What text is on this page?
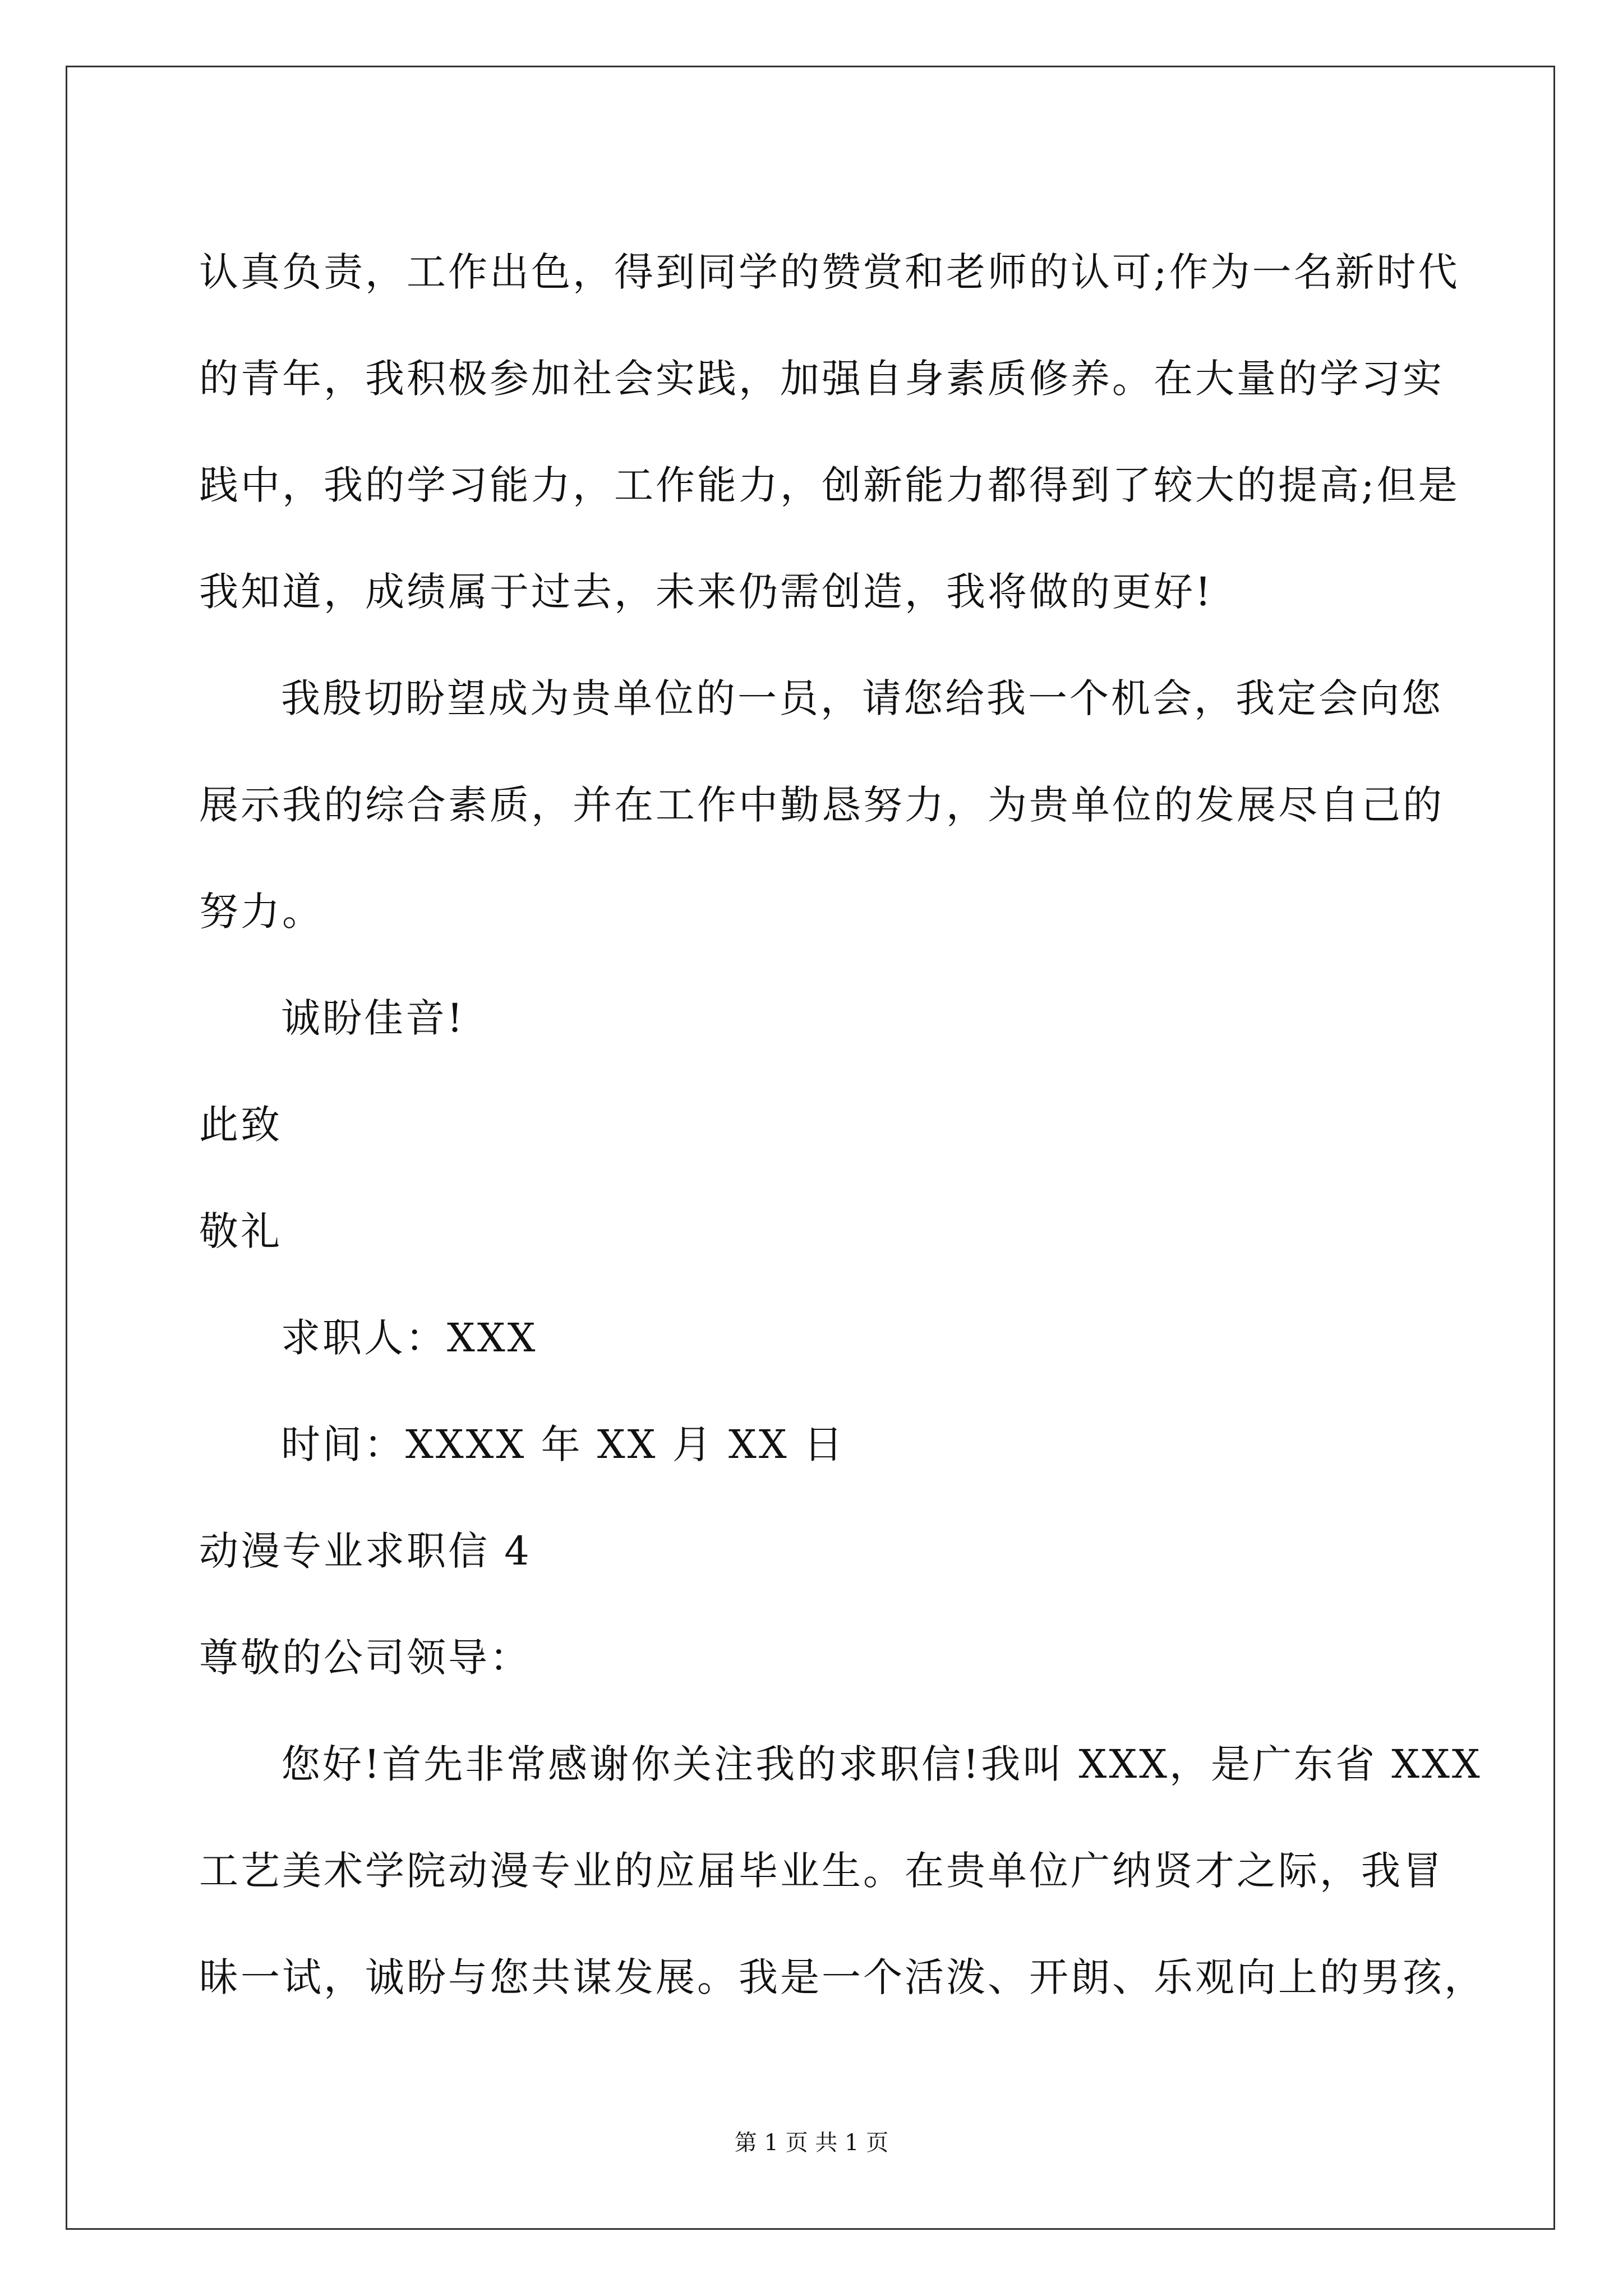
认真负责，工作出色，得到同学的赞赏和老师的认可;作为一名新时代
的青年，我积极参加社会实践，加强自身素质修养。在大量的学习实
践中，我的学习能力，工作能力，创新能力都得到了较大的提高;但是
我知道，成绩属于过去，未来仍需创造，我将做的更好!
我殷切盼望成为贵单位的一员，请您给我一个机会，我定会向您
展示我的综合素质，并在工作中勤恳努力，为贵单位的发展尽自己的
努力。
诚盼佳音!
此致
敬礼
求职人：XXX
时间：XXXX 年 XX 月 XX 日
动漫专业求职信 4
尊敬的公司领导：
您好!首先非常感谢你关注我的求职信!我叫 XXX，是广东省 XXX
工艺美术学院动漫专业的应届毕业生。在贵单位广纳贤才之际，我冒
昧一试，诚盼与您共谋发展。我是一个活泼、开朗、乐观向上的男孩，
第 1 页 共 1 页
